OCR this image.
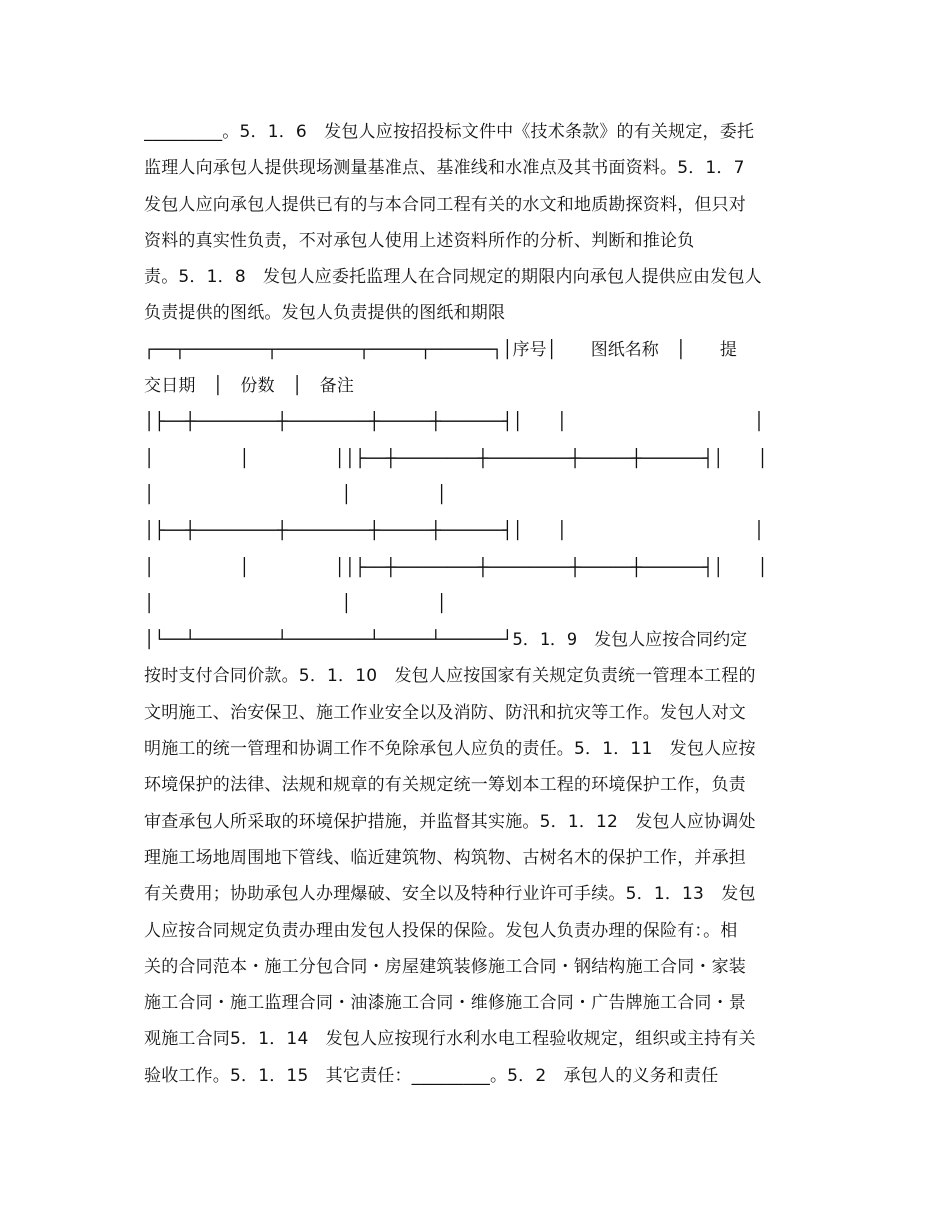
_________。5．1．6　发包人应按招投标文件中《技术条款》的有关规定，委托
监理人向承包人提供现场测量基准点、基准线和水准点及其书面资料。5．1．7
发包人应向承包人提供已有的与本合同工程有关的水文和地质勘探资料，但只对
资料的真实性负责，不对承包人使用上述资料所作的分析、判断和推论负
责。5．1．8　发包人应委托监理人在合同规定的期限内向承包人提供应由发包人
负责提供的图纸。发包人负责提供的图纸和期限
┌──┬────────┬────────┬─────┬──────┐│序号│　　图纸名称　│　　提
交日期　│　份数　│　备注
│├──┼────────┼────────┼─────┼──────┤│　　│　　　　　　　　　　　│
│　　　　　│　　　　　││├──┼────────┼────────┼─────┼──────┤│　　│
│　　　　　　　　　　　│　　　　　│
│├──┼────────┼────────┼─────┼──────┤│　　│　　　　　　　　　　　│
│　　　　　│　　　　　││├──┼────────┼────────┼─────┼──────┤│　　│
│　　　　　　　　　　　│　　　　　│
│└──┴────────┴────────┴─────┴──────┘5．1．9　发包人应按合同约定
按时支付合同价款。5．1．10　发包人应按国家有关规定负责统一管理本工程的
文明施工、治安保卫、施工作业安全以及消防、防汛和抗灾等工作。发包人对文
明施工的统一管理和协调工作不免除承包人应负的责任。5．1．11　发包人应按
环境保护的法律、法规和规章的有关规定统一筹划本工程的环境保护工作，负责
审查承包人所采取的环境保护措施，并监督其实施。5．1．12　发包人应协调处
理施工场地周围地下管线、临近建筑物、构筑物、古树名木的保护工作，并承担
有关费用；协助承包人办理爆破、安全以及特种行业许可手续。5．1．13　发包
人应按合同规定负责办理由发包人投保的保险。发包人负责办理的保险有：。相
关的合同范本・施工分包合同・房屋建筑装修施工合同・钢结构施工合同・家装
施工合同・施工监理合同・油漆施工合同・维修施工合同・广告牌施工合同・景
观施工合同5．1．14　发包人应按现行水利水电工程验收规定，组织或主持有关
验收工作。5．1．15　其它责任：_________。5．2　承包人的义务和责任
